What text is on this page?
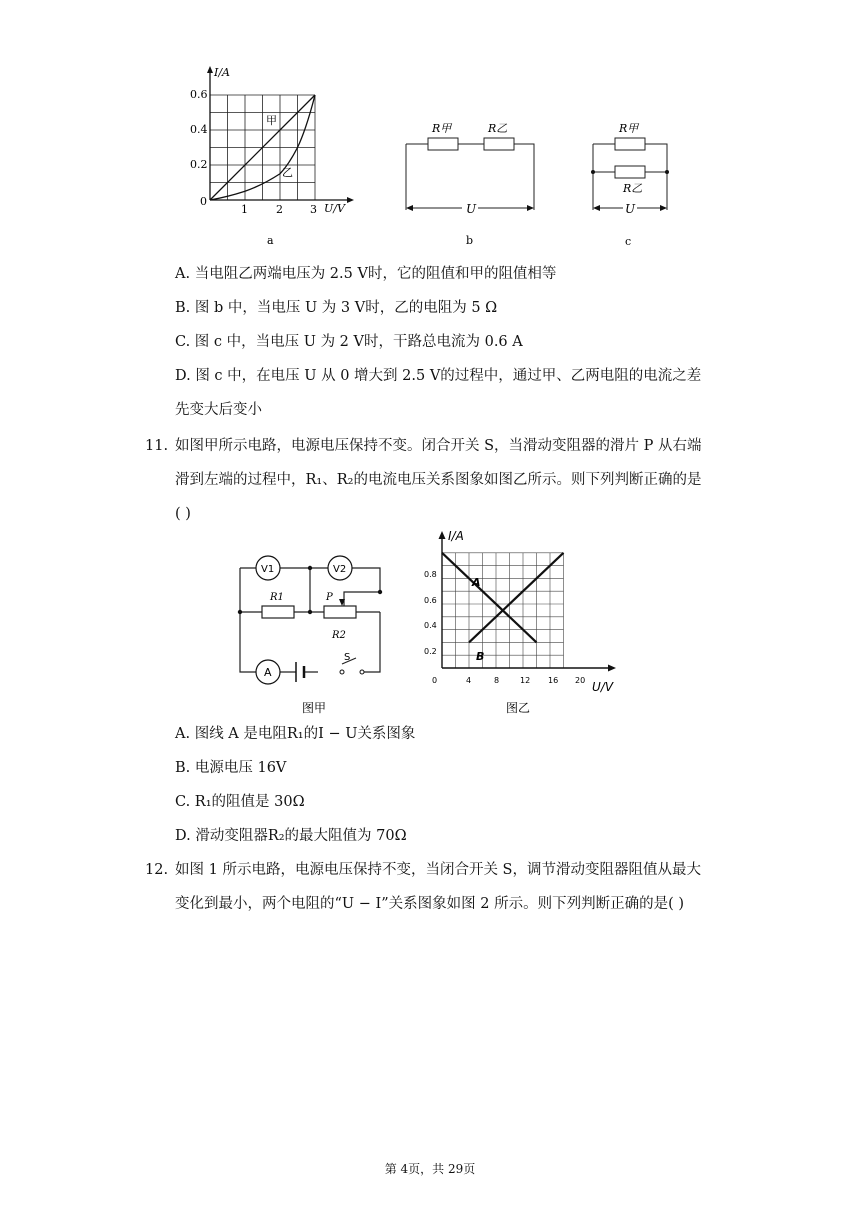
I/A
U/V
0.6
0.4
0.2
0
1	2 3
甲
乙
a
R甲	R乙
U
b
R甲
R乙
U
c
A. 当电阻乙两端电压为 2.5 V时，它的阻值和甲的阻值相等
B. 图 b 中，当电压 U 为 3 V时，乙的电阻为 5 Ω
C. 图 c 中，当电压 U 为 2 V时，干路总电流为 0.6 A
D. 图 c 中，在电压 U 从 0 增大到 2.5 V的过程中，通过甲、乙两电阻的电流之差
先变大后变小
11. 如图甲所示电路，电源电压保持不变。闭合开关 S，当滑动变阻器的滑片 P 从右端
滑到左端的过程中，R₁、R₂的电流电压关系图象如图乙所示。则下列判断正确的是
( )
V1	V2
A
R1	P
R2
S
图甲
I/A
U/V
0.8
0.6
0.4
0.2
0	4	8	12 16 20
A
B
图乙
A. 图线 A 是电阻R₁的I − U关系图象
B. 电源电压 16V
C. R₁的阻值是 30Ω
D. 滑动变阻器R₂的最大阻值为 70Ω
12. 如图 1 所示电路，电源电压保持不变，当闭合开关 S，调节滑动变阻器阻值从最大
变化到最小，两个电阻的“U − I”关系图象如图 2 所示。则下列判断正确的是( )
第 4页，共 29页
